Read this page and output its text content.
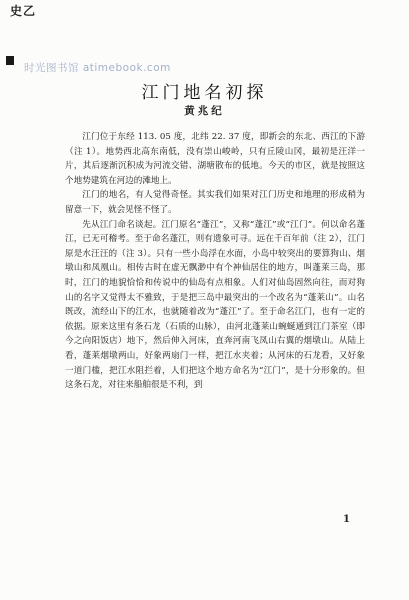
史乙
时光图书馆 atimebook.com
江门地名初探
黄兆纪

江门位于东经 113. 05 度，北纬 22. 37 度，即新会的东北、西江的下游（注 1）。地势西北高东南低，没有崇山峻岭，只有丘陵山冈，最初是汪洋一片，其后逐渐沉积成为河流交错、湖塘散布的低地。今天的市区，就是按照这个地势建筑在河边的滩地上。

江门的地名，有人觉得奇怪。其实我们如果对江门历史和地理的形成稍为留意一下，就会见怪不怪了。

先从江门命名谈起。江门原名“蓬江”，又称“蓬江”或“江门”。何以命名蓬江，已无可稽考。至于命名蓬江，则有遗象可寻。远在千百年前（注 2），江门原是水汪汪的（注 3）。只有一些小岛浮在水面，小岛中较突出的要算狗山、烟墩山和凤凰山。相传古时在虚无飘渺中有个神仙居住的地方，叫蓬莱三岛，那时，江门的地貌恰恰和传说中的仙岛有点相象。人们对仙岛固然向往，而对狗山的名字又觉得太不雅致，于是把三岛中最突出的一个改名为“蓬莱山”。山名既改，流经山下的江水，也就随着改为“蓬江”了。至于命名江门，也有一定的依据。原来这里有条石龙（石质的山脉），由河北蓬莱山蜿蜒通到江门茶室（即今之向阳饭店）地下，然后伸入河床，直奔河南飞凤山右翼的烟墩山。从陆上看，蓬莱烟墩两山，好象两扇门一样，把江水夹着；从河床的石龙看，又好象一道门槛，把江水阻拦着，人们把这个地方命名为“江门”，是十分形象的。但这条石龙，对往来船舶很是不利，到

1
